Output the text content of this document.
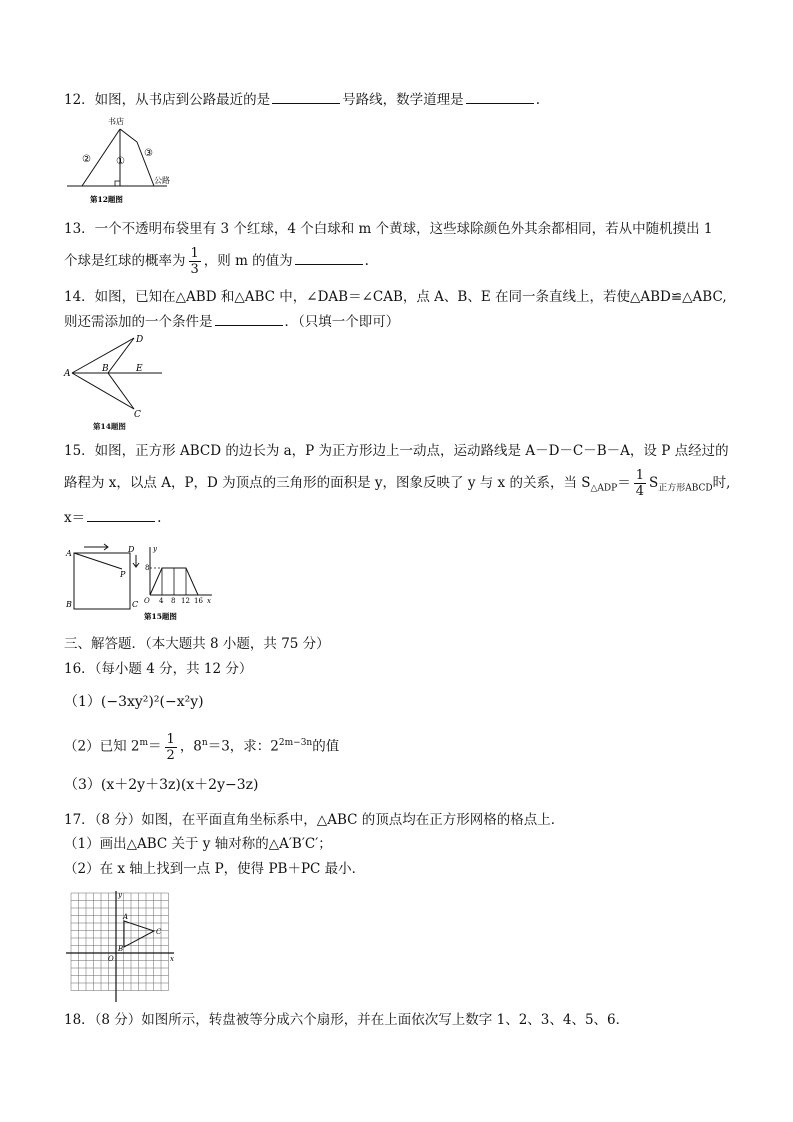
12．如图，从书店到公路最近的是	号路线，数学道理是	.
书店
公路
②	①
③
第12题图
13．一个不透明布袋里有 3 个红球，4 个白球和 m 个黄球，这些球除颜色外其余都相同，若从中随机摸出 1
个球是红球的概率为 $\frac{1}{3}$ ，则 m 的值为	.
14．如图，已知在△ABD 和△ABC 中，∠DAB＝∠CAB，点 A、B、E 在同一条直线上，若使△ABD≌△ABC,
则还需添加的一个条件是	．（只填一个即可）
A	B	E
D
C
第14题图
15．如图，正方形 ABCD 的边长为 a，P 为正方形边上一动点，运动路线是 A－D－C－B－A，设 P 点经过的
路程为 x，以点 A，P，D 为顶点的三角形的面积是 y，图象反映了 y 与 x 的关系，当 $S_{\triangle ADP}= \frac{1}{4} S_{正方形ABCD}$时,
x＝	.
A	D
P
B	C
y
8
O 4 8 12 16 x
第15题图
三、解答题．（本大题共 8 小题，共 75 分）
16．（每小题 4 分，共 12 分）
（1）(−3xy²)²(−x²y)
（2）已知 $2^m= \frac{1}{2}$ ，$8^n=3$，求：$2^{2m-3n}$的值
（3）(x＋2y＋3z)(x＋2y−3z)
17．（8 分）如图，在平面直角坐标系中，△ABC 的顶点均在正方形网格的格点上．
（1）画出△ABC 关于 y 轴对称的△A′B′C′；
（2）在 x 轴上找到一点 P，使得 PB＋PC 最小．
y
x
O
A
B
C
18．（8 分）如图所示，转盘被等分成六个扇形，并在上面依次写上数字 1、2、3、4、5、6．
